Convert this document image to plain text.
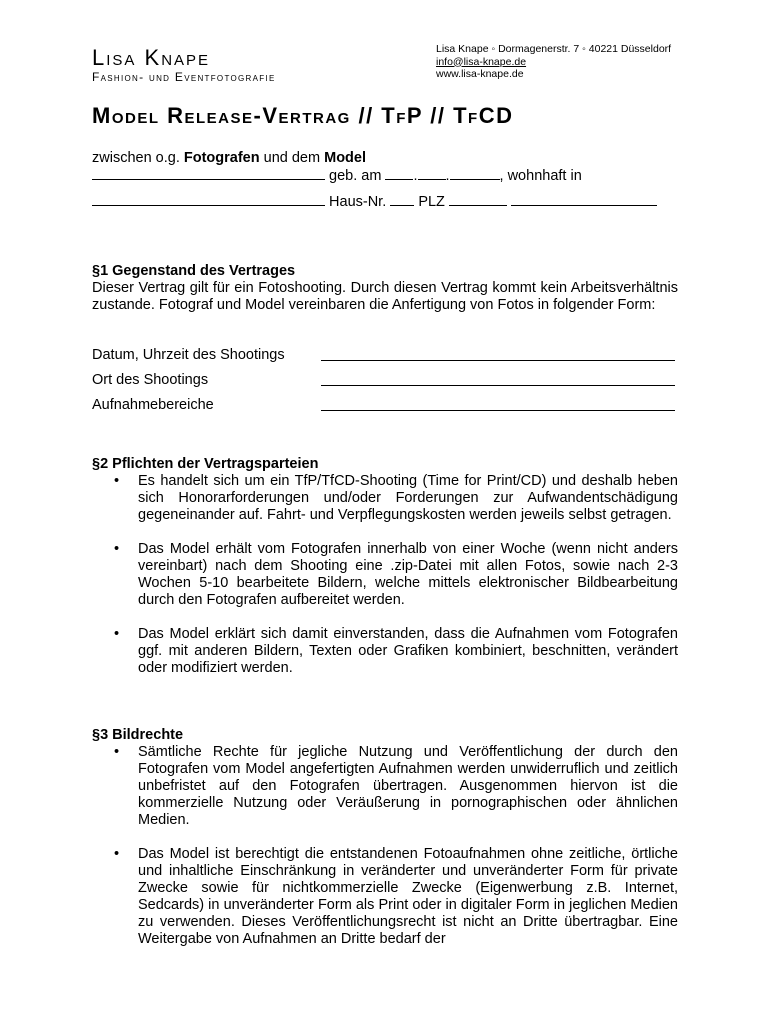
Lisa Knape
Fashion- und Eventfotografie
Lisa Knape ◦ Dormagenerstr. 7 ◦ 40221 Düsseldorf
info@lisa-knape.de
www.lisa-knape.de
Model Release-Vertrag // TfP // TfCD
zwischen o.g. Fotografen und dem Model
geb. am . .	, wohnhaft in
Haus-Nr. PLZ

§1 Gegenstand des Vertrages

Dieser Vertrag gilt für ein Fotoshooting. Durch diesen Vertrag kommt kein Arbeitsverhältnis zustande. Fotograf und Model vereinbaren die Anfertigung von Fotos in folgender Form:
Datum, Uhrzeit des Shootings
Ort des Shootings
Aufnahmebereiche

§2 Pflichten der Vertragsparteien

• Es handelt sich um ein TfP/TfCD-Shooting (Time for Print/CD) und deshalb heben sich Honorarforderungen und/oder Forderungen zur Aufwandentschädigung gegeneinander auf. Fahrt- und Verpflegungskosten werden jeweils selbst getragen.
• Das Model erhält vom Fotografen innerhalb von einer Woche (wenn nicht anders vereinbart) nach dem Shooting eine .zip-Datei mit allen Fotos, sowie nach 2-3 Wochen 5-10 bearbeitete Bildern, welche mittels elektronischer Bildbearbeitung durch den Fotografen aufbereitet werden.
• Das Model erklärt sich damit einverstanden, dass die Aufnahmen vom Fotografen ggf. mit anderen Bildern, Texten oder Grafiken kombiniert, beschnitten, verändert oder modifiziert werden.

§3 Bildrechte

• Sämtliche Rechte für jegliche Nutzung und Veröffentlichung der durch den Fotografen vom Model angefertigten Aufnahmen werden unwiderruflich und zeitlich unbefristet auf den Fotografen übertragen. Ausgenommen hiervon ist die kommerzielle Nutzung oder Veräußerung in pornographischen oder ähnlichen Medien.
• Das Model ist berechtigt die entstandenen Fotoaufnahmen ohne zeitliche, örtliche und inhaltliche Einschränkung in veränderter und unveränderter Form für private Zwecke sowie für nichtkommerzielle Zwecke (Eigenwerbung z.B. Internet, Sedcards) in unveränderter Form als Print oder in digitaler Form in jeglichen Medien zu verwenden. Dieses Veröffentlichungsrecht ist nicht an Dritte übertragbar. Eine Weitergabe von Aufnahmen an Dritte bedarf der
